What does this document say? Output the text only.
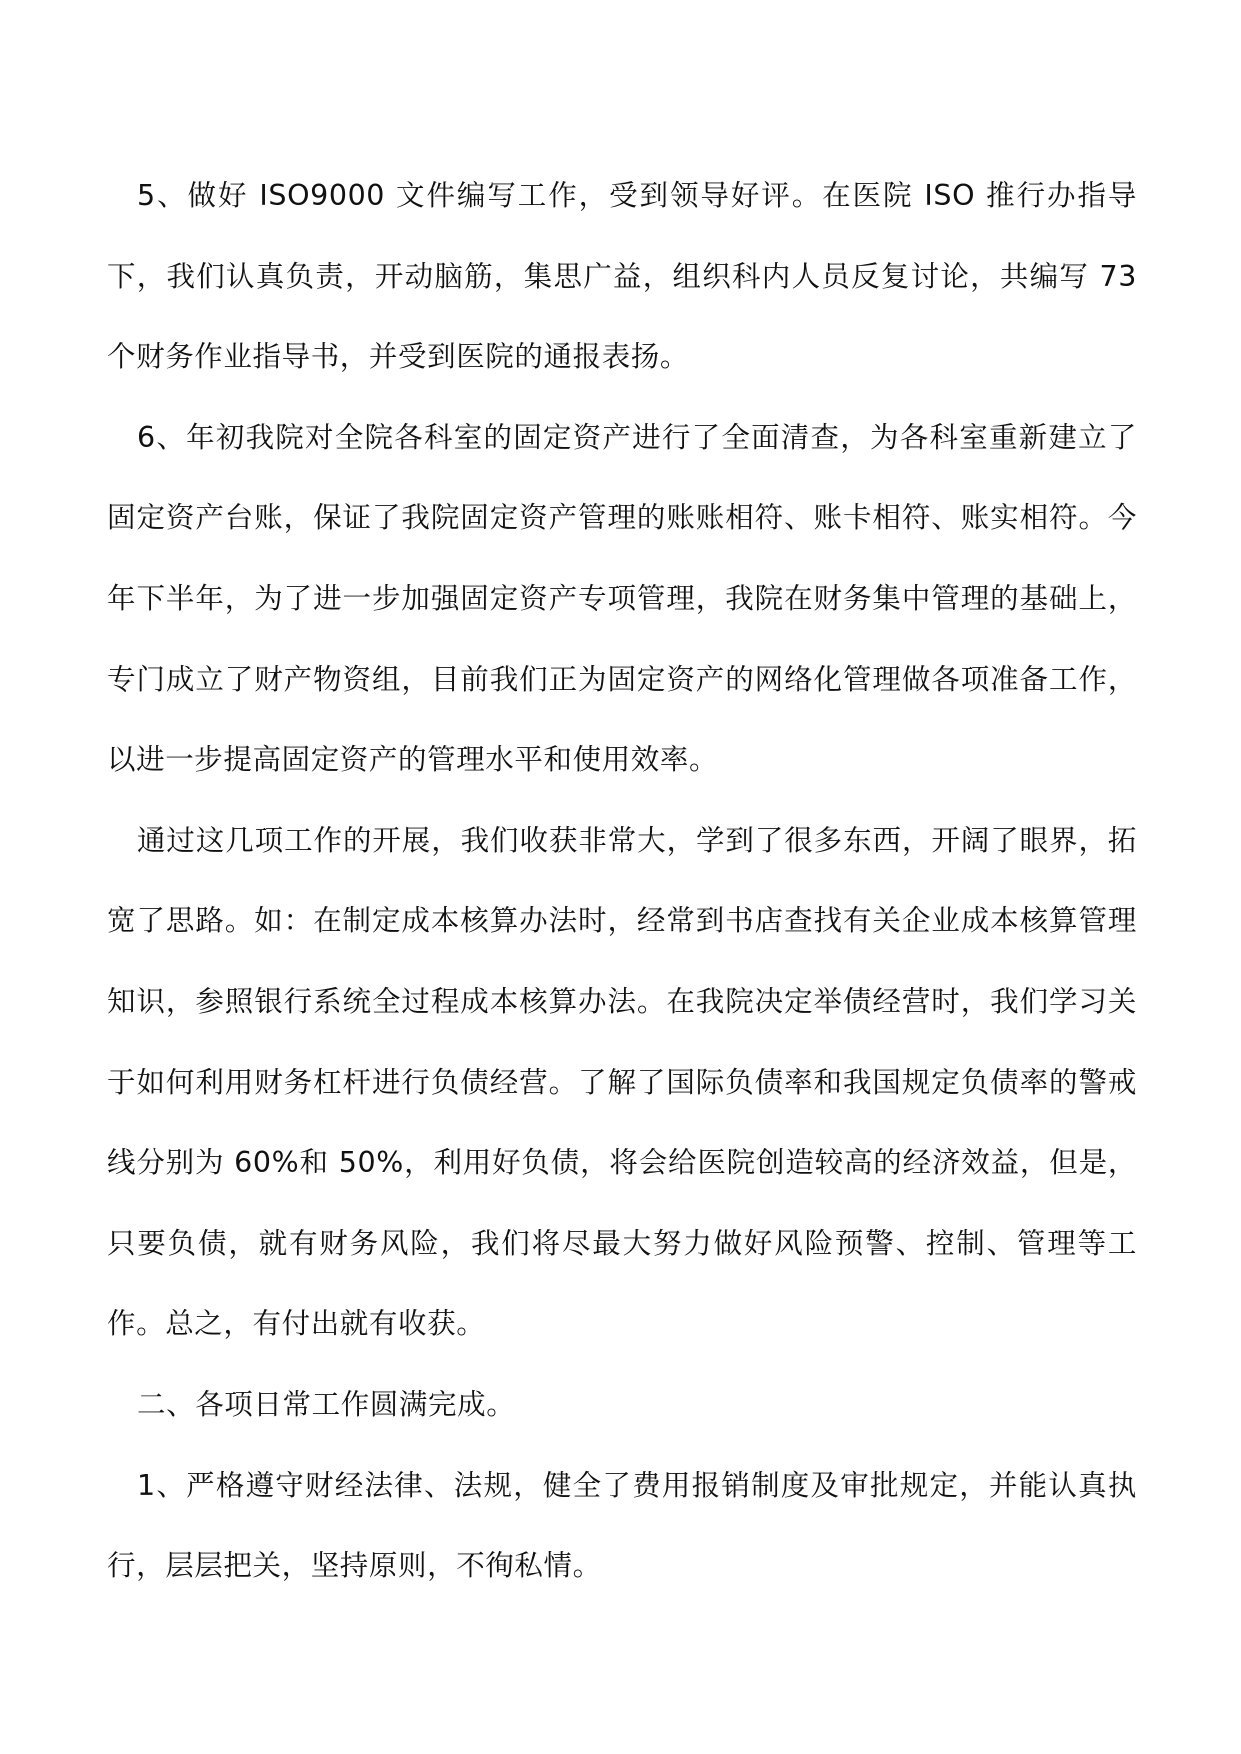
5、做好 ISO9000 文件编写工作，受到领导好评。在医院 ISO 推行办指导下，我们认真负责，开动脑筋，集思广益，组织科内人员反复讨论，共编写 73 个财务作业指导书，并受到医院的通报表扬。

6、年初我院对全院各科室的固定资产进行了全面清查，为各科室重新建立了固定资产台账，保证了我院固定资产管理的账账相符、账卡相符、账实相符。今年下半年，为了进一步加强固定资产专项管理，我院在财务集中管理的基础上，专门成立了财产物资组，目前我们正为固定资产的网络化管理做各项准备工作，以进一步提高固定资产的管理水平和使用效率。

通过这几项工作的开展，我们收获非常大，学到了很多东西，开阔了眼界，拓宽了思路。如：在制定成本核算办法时，经常到书店查找有关企业成本核算管理知识，参照银行系统全过程成本核算办法。在我院决定举债经营时，我们学习关于如何利用财务杠杆进行负债经营。了解了国际负债率和我国规定负债率的警戒线分别为 60%和 50%，利用好负债，将会给医院创造较高的经济效益，但是，只要负债，就有财务风险，我们将尽最大努力做好风险预警、控制、管理等工作。总之，有付出就有收获。

二、各项日常工作圆满完成。

1、严格遵守财经法律、法规，健全了费用报销制度及审批规定，并能认真执行，层层把关，坚持原则，不徇私情。
